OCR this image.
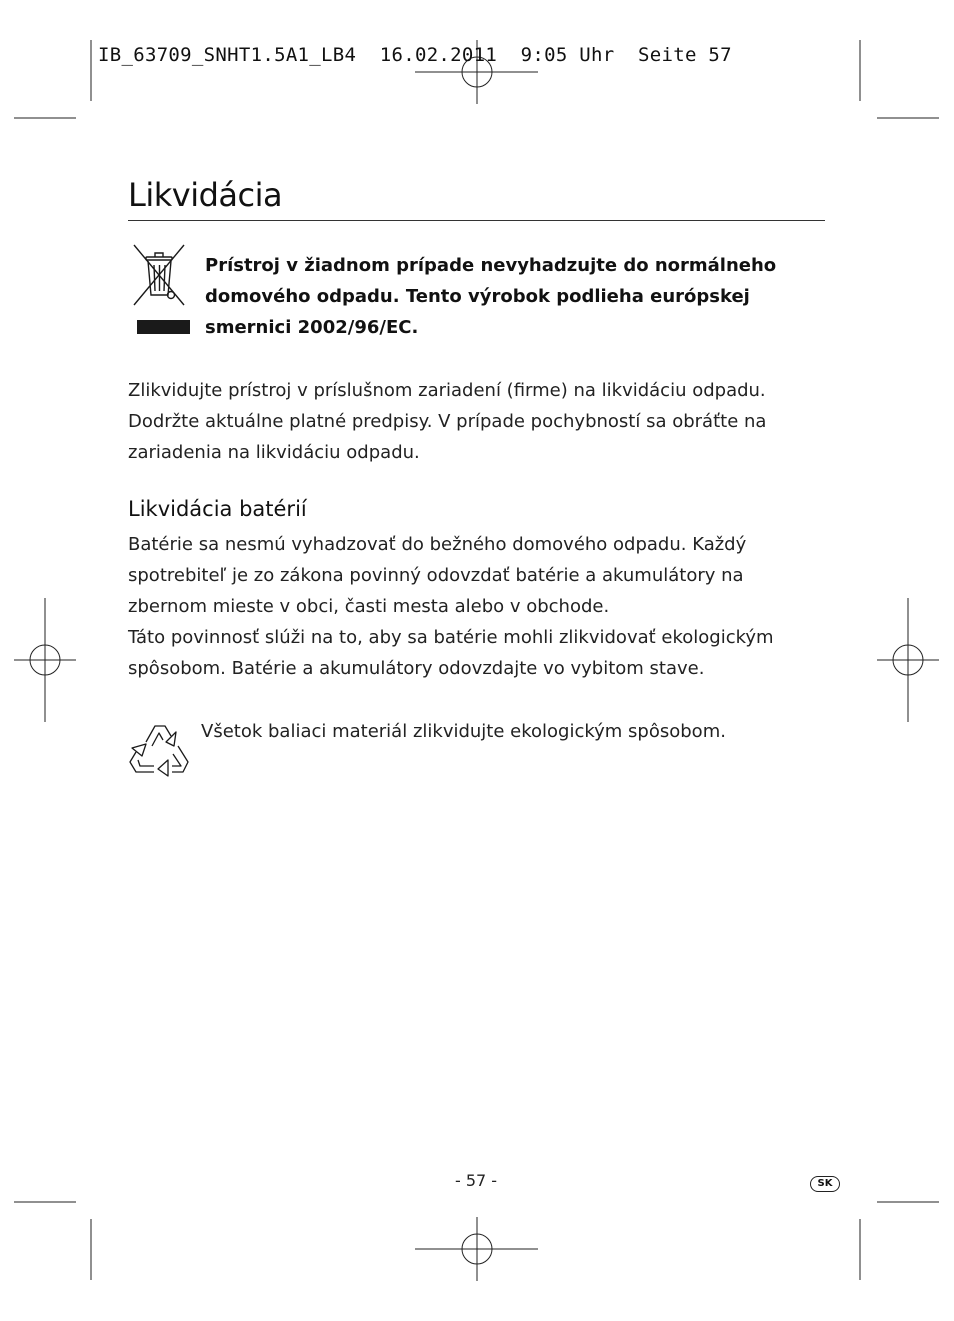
IB_63709_SNHT1.5A1_LB4  16.02.2011  9:05 Uhr  Seite 57
Likvidácia

Prístroj v žiadnom prípade nevyhadzujte do normálneho domového odpadu. Tento výrobok podlieha európskej smernici 2002/96/EC.

Zlikvidujte prístroj v príslušnom zariadení (firme) na likvidáciu odpadu. Dodržte aktuálne platné predpisy. V prípade pochybností sa obráťte na zariadenia na likvidáciu odpadu.

Likvidácia batérií

Batérie sa nesmú vyhadzovať do bežného domového odpadu. Každý spotrebiteľ je zo zákona povinný odovzdať batérie a akumulátory na zbernom mieste v obci, časti mesta alebo v obchode.

Táto povinnosť slúži na to, aby sa batérie mohli zlikvidovať ekologickým spôsobom. Batérie a akumulátory odovzdajte vo vybitom stave.

Všetok baliaci materiál zlikvidujte ekologickým spôsobom.

- 57 -	SK
